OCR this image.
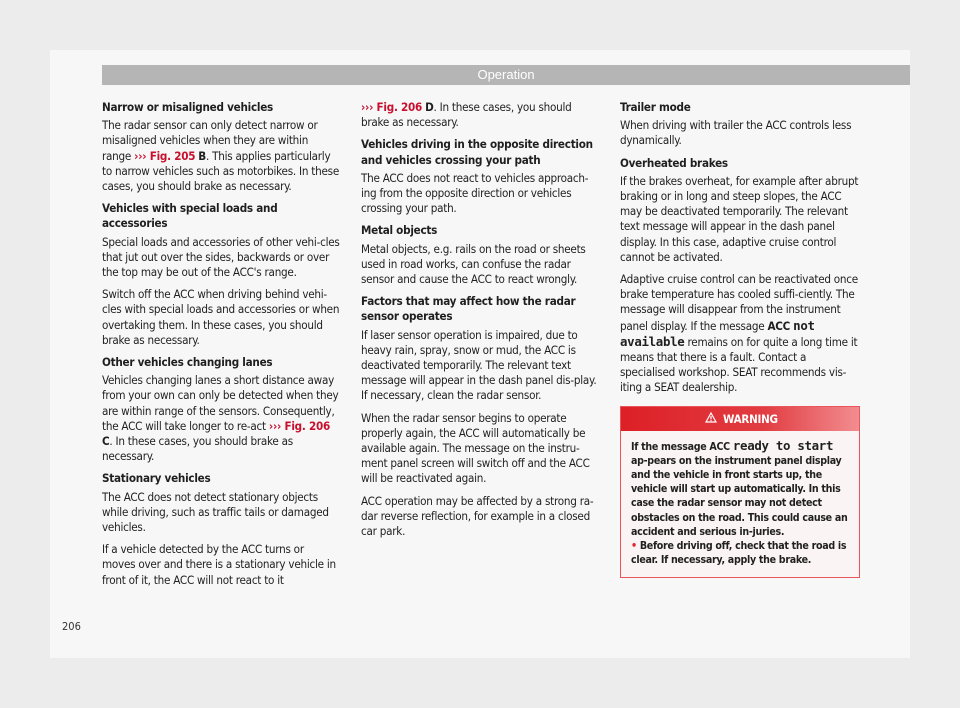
Operation
Narrow or misaligned vehicles

The radar sensor can only detect narrow or misaligned vehicles when they are within range ››› Fig. 205 B. This applies particularly to narrow vehicles such as motorbikes. In these cases, you should brake as necessary.

Vehicles with special loads and accessories

Special loads and accessories of other vehi-cles that jut out over the sides, backwards or over the top may be out of the ACC's range.

Switch off the ACC when driving behind vehi-cles with special loads and accessories or when overtaking them. In these cases, you should brake as necessary.

Other vehicles changing lanes

Vehicles changing lanes a short distance away from your own can only be detected when they are within range of the sensors. Consequently, the ACC will take longer to re-act ››› Fig. 206 C. In these cases, you should brake as necessary.

Stationary vehicles

The ACC does not detect stationary objects while driving, such as traffic tails or damaged vehicles.

If a vehicle detected by the ACC turns or moves over and there is a stationary vehicle in front of it, the ACC will not react to it

››› Fig. 206 D. In these cases, you should brake as necessary.

Vehicles driving in the opposite direction and vehicles crossing your path

The ACC does not react to vehicles approach-ing from the opposite direction or vehicles crossing your path.

Metal objects

Metal objects, e.g. rails on the road or sheets used in road works, can confuse the radar sensor and cause the ACC to react wrongly.

Factors that may affect how the radar sensor operates

If laser sensor operation is impaired, due to heavy rain, spray, snow or mud, the ACC is deactivated temporarily. The relevant text message will appear in the dash panel dis-play. If necessary, clean the radar sensor.

When the radar sensor begins to operate properly again, the ACC will automatically be available again. The message on the instru-ment panel screen will switch off and the ACC will be reactivated again.

ACC operation may be affected by a strong ra-dar reverse reflection, for example in a closed car park.

Trailer mode

When driving with trailer the ACC controls less dynamically.

Overheated brakes

If the brakes overheat, for example after abrupt braking or in long and steep slopes, the ACC may be deactivated temporarily. The relevant text message will appear in the dash panel display. In this case, adaptive cruise control cannot be activated.

Adaptive cruise control can be reactivated once brake temperature has cooled suffi-ciently. The message will disappear from the instrument panel display. If the message ACC not available remains on for quite a long time it means that there is a fault. Contact a specialised workshop. SEAT recommends vis-iting a SEAT dealership.

WARNING
If the message ACC ready to start ap-pears on the instrument panel display and the vehicle in front starts up, the vehicle will start up automatically. In this case the radar sensor may not detect obstacles on the road. This could cause an accident and serious in-juries.
• Before driving off, check that the road is clear. If necessary, apply the brake.
206
